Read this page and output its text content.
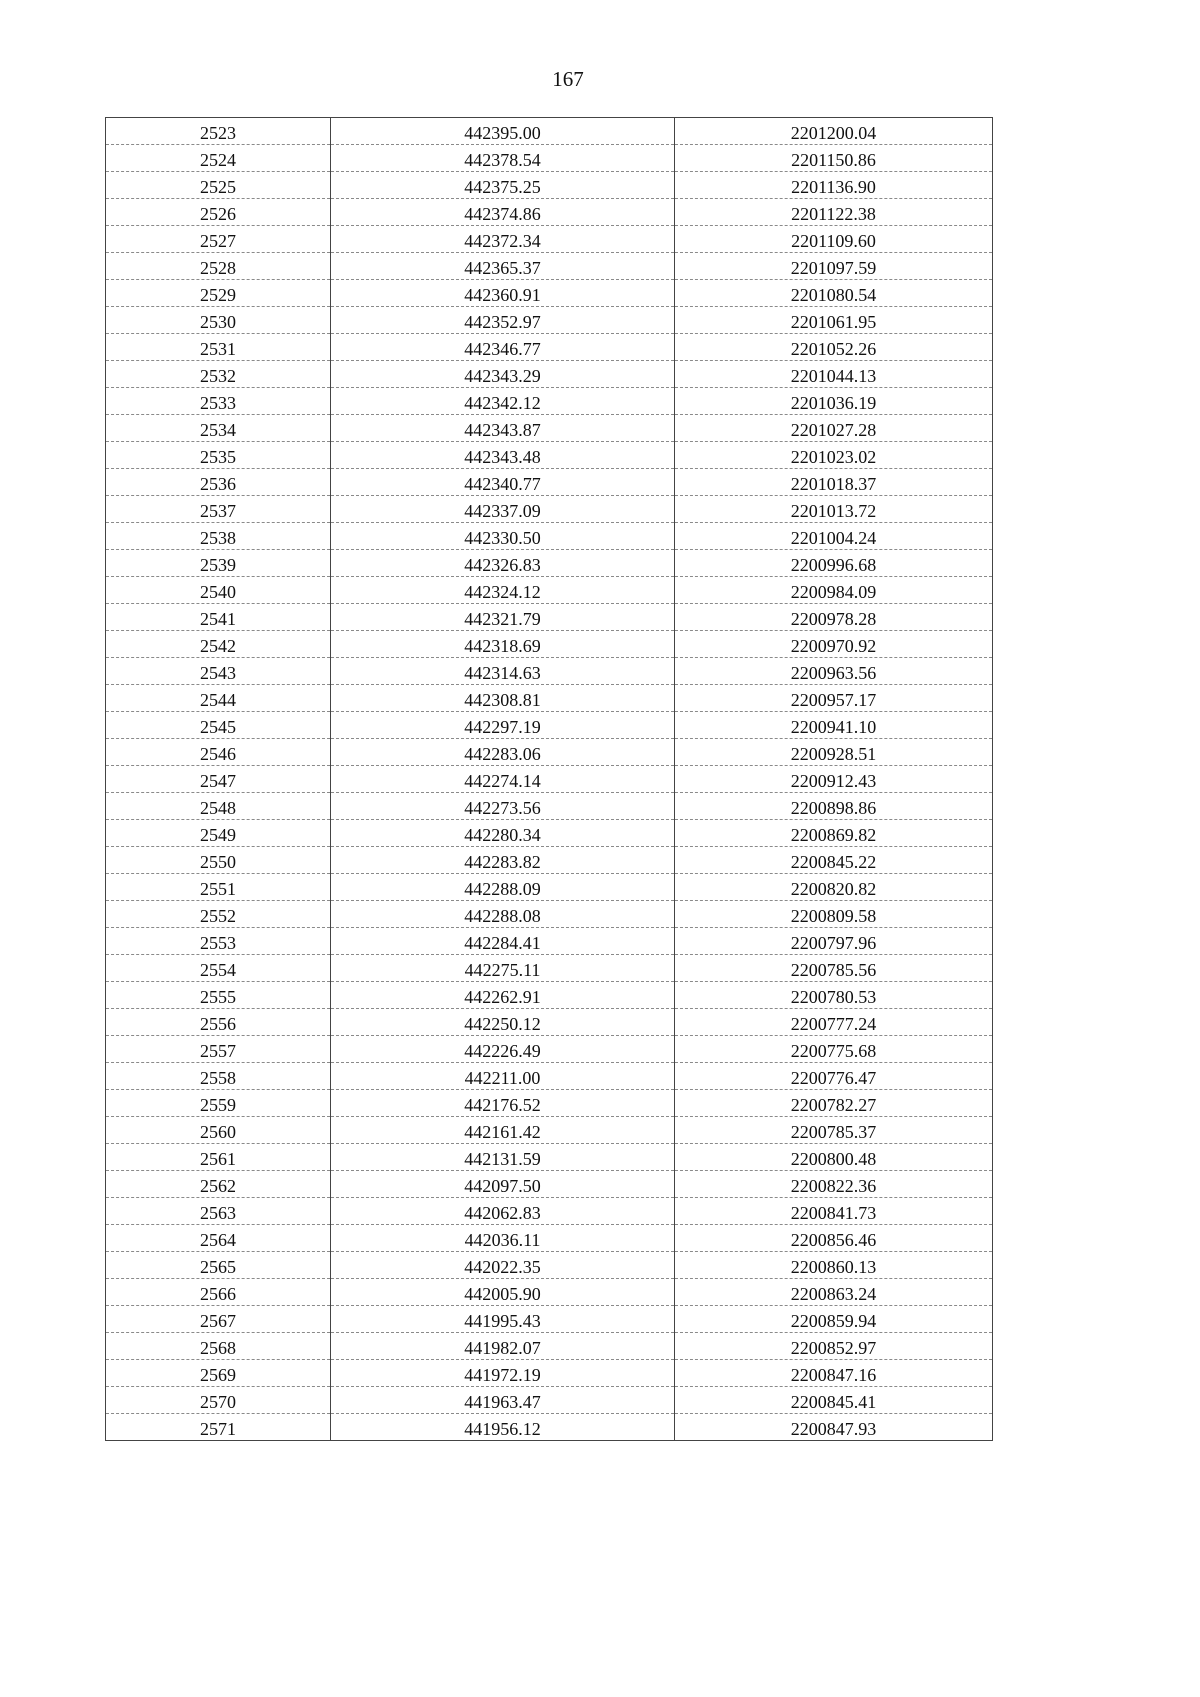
167
2523	442395.00	2201200.04
2524	442378.54	2201150.86
2525	442375.25	2201136.90
2526	442374.86	2201122.38
2527	442372.34	2201109.60
2528	442365.37	2201097.59
2529	442360.91	2201080.54
2530	442352.97	2201061.95
2531	442346.77	2201052.26
2532	442343.29	2201044.13
2533	442342.12	2201036.19
2534	442343.87	2201027.28
2535	442343.48	2201023.02
2536	442340.77	2201018.37
2537	442337.09	2201013.72
2538	442330.50	2201004.24
2539	442326.83	2200996.68
2540	442324.12	2200984.09
2541	442321.79	2200978.28
2542	442318.69	2200970.92
2543	442314.63	2200963.56
2544	442308.81	2200957.17
2545	442297.19	2200941.10
2546	442283.06	2200928.51
2547	442274.14	2200912.43
2548	442273.56	2200898.86
2549	442280.34	2200869.82
2550	442283.82	2200845.22
2551	442288.09	2200820.82
2552	442288.08	2200809.58
2553	442284.41	2200797.96
2554	442275.11	2200785.56
2555	442262.91	2200780.53
2556	442250.12	2200777.24
2557	442226.49	2200775.68
2558	442211.00	2200776.47
2559	442176.52	2200782.27
2560	442161.42	2200785.37
2561	442131.59	2200800.48
2562	442097.50	2200822.36
2563	442062.83	2200841.73
2564	442036.11	2200856.46
2565	442022.35	2200860.13
2566	442005.90	2200863.24
2567	441995.43	2200859.94
2568	441982.07	2200852.97
2569	441972.19	2200847.16
2570	441963.47	2200845.41
2571	441956.12	2200847.93
